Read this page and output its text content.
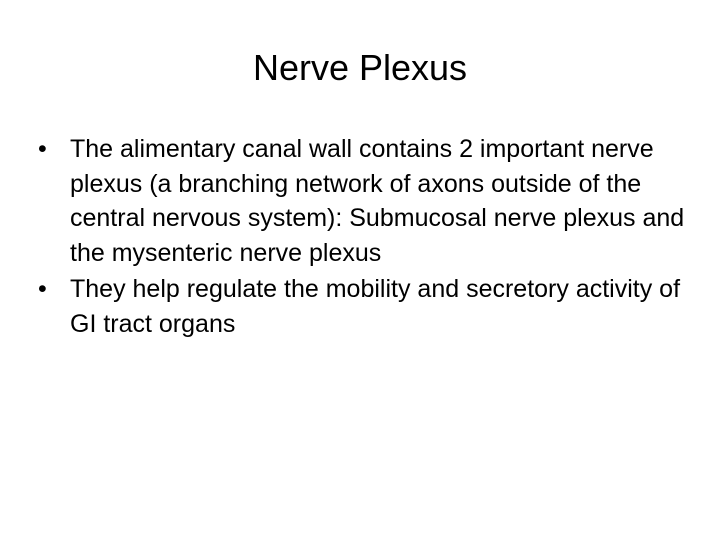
Nerve Plexus
• The alimentary canal wall contains 2 important nerve plexus (a branching network of axons outside of the central nervous system): Submucosal nerve plexus and the mysenteric nerve plexus
• They help regulate the mobility and secretory activity of GI tract organs
